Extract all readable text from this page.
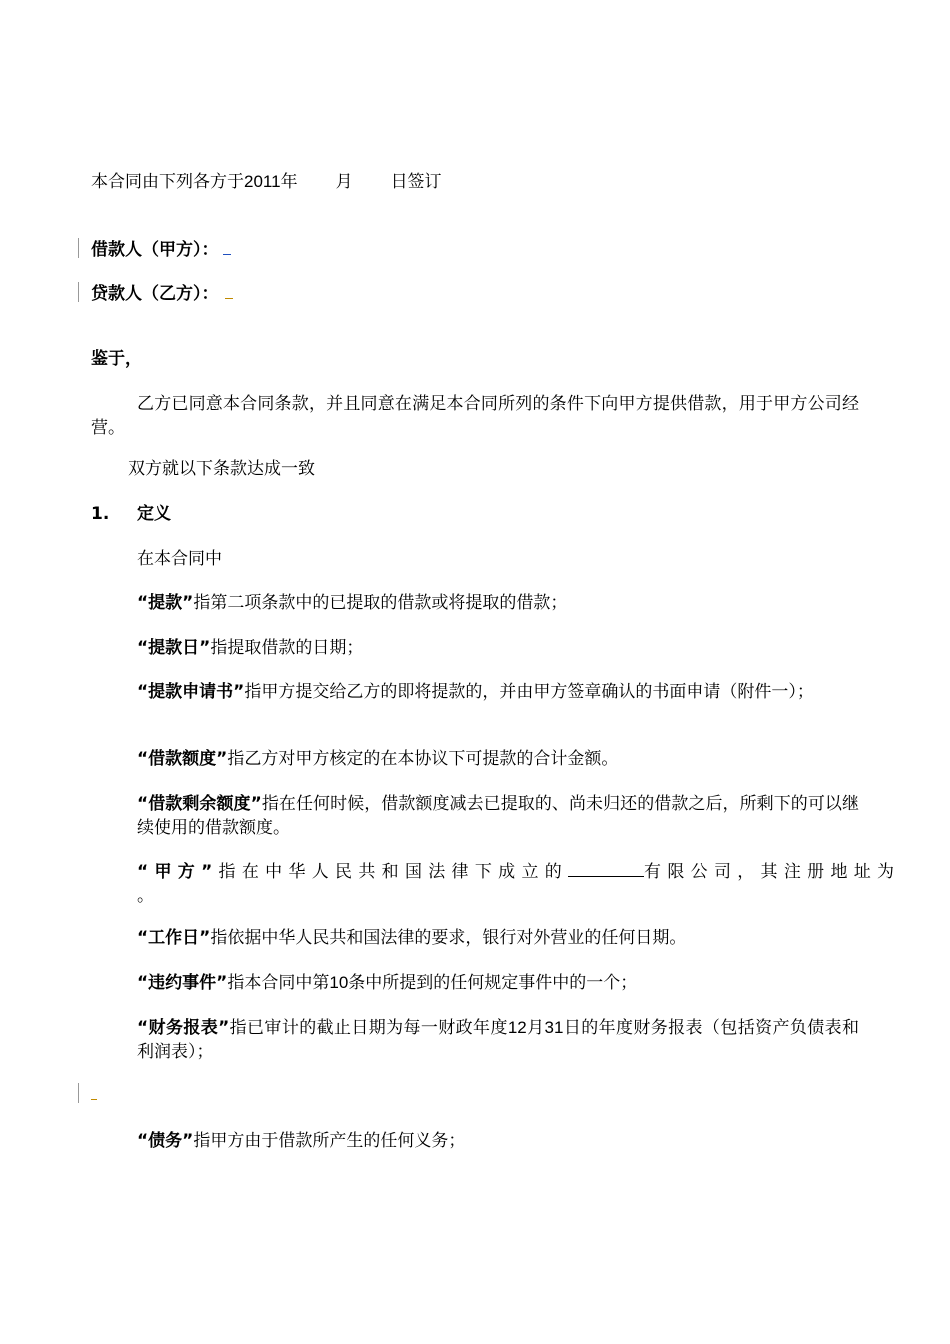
本合同由下列各方于2011年 月 日签订
借款人（甲方）：
贷款人（乙方）：
鉴于，
乙方已同意本合同条款，并且同意在满足本合同所列的条件下向甲方提供借款，用于甲方公司经营。
双方就以下条款达成一致
1. 定义
在本合同中
“提款”指第二项条款中的已提取的借款或将提取的借款；
“提款日”指提取借款的日期；
“提款申请书”指甲方提交给乙方的即将提款的，并由甲方签章确认的书面申请（附件一）；
“借款额度”指乙方对甲方核定的在本协议下可提款的合计金额。
“借款剩余额度”指在任何时候，借款额度减去已提取的、尚未归还的借款之后，所剩下的可以继续使用的借款额度。
“甲方”指在中华人民共和国法律下成立的	有限公司，其注册地址为
。
“工作日”指依据中华人民共和国法律的要求，银行对外营业的任何日期。
“违约事件”指本合同中第10条中所提到的任何规定事件中的一个；
“财务报表”指已审计的截止日期为每一财政年度12月31日的年度财务报表（包括资产负债表和利润表）；
“债务”指甲方由于借款所产生的任何义务；
